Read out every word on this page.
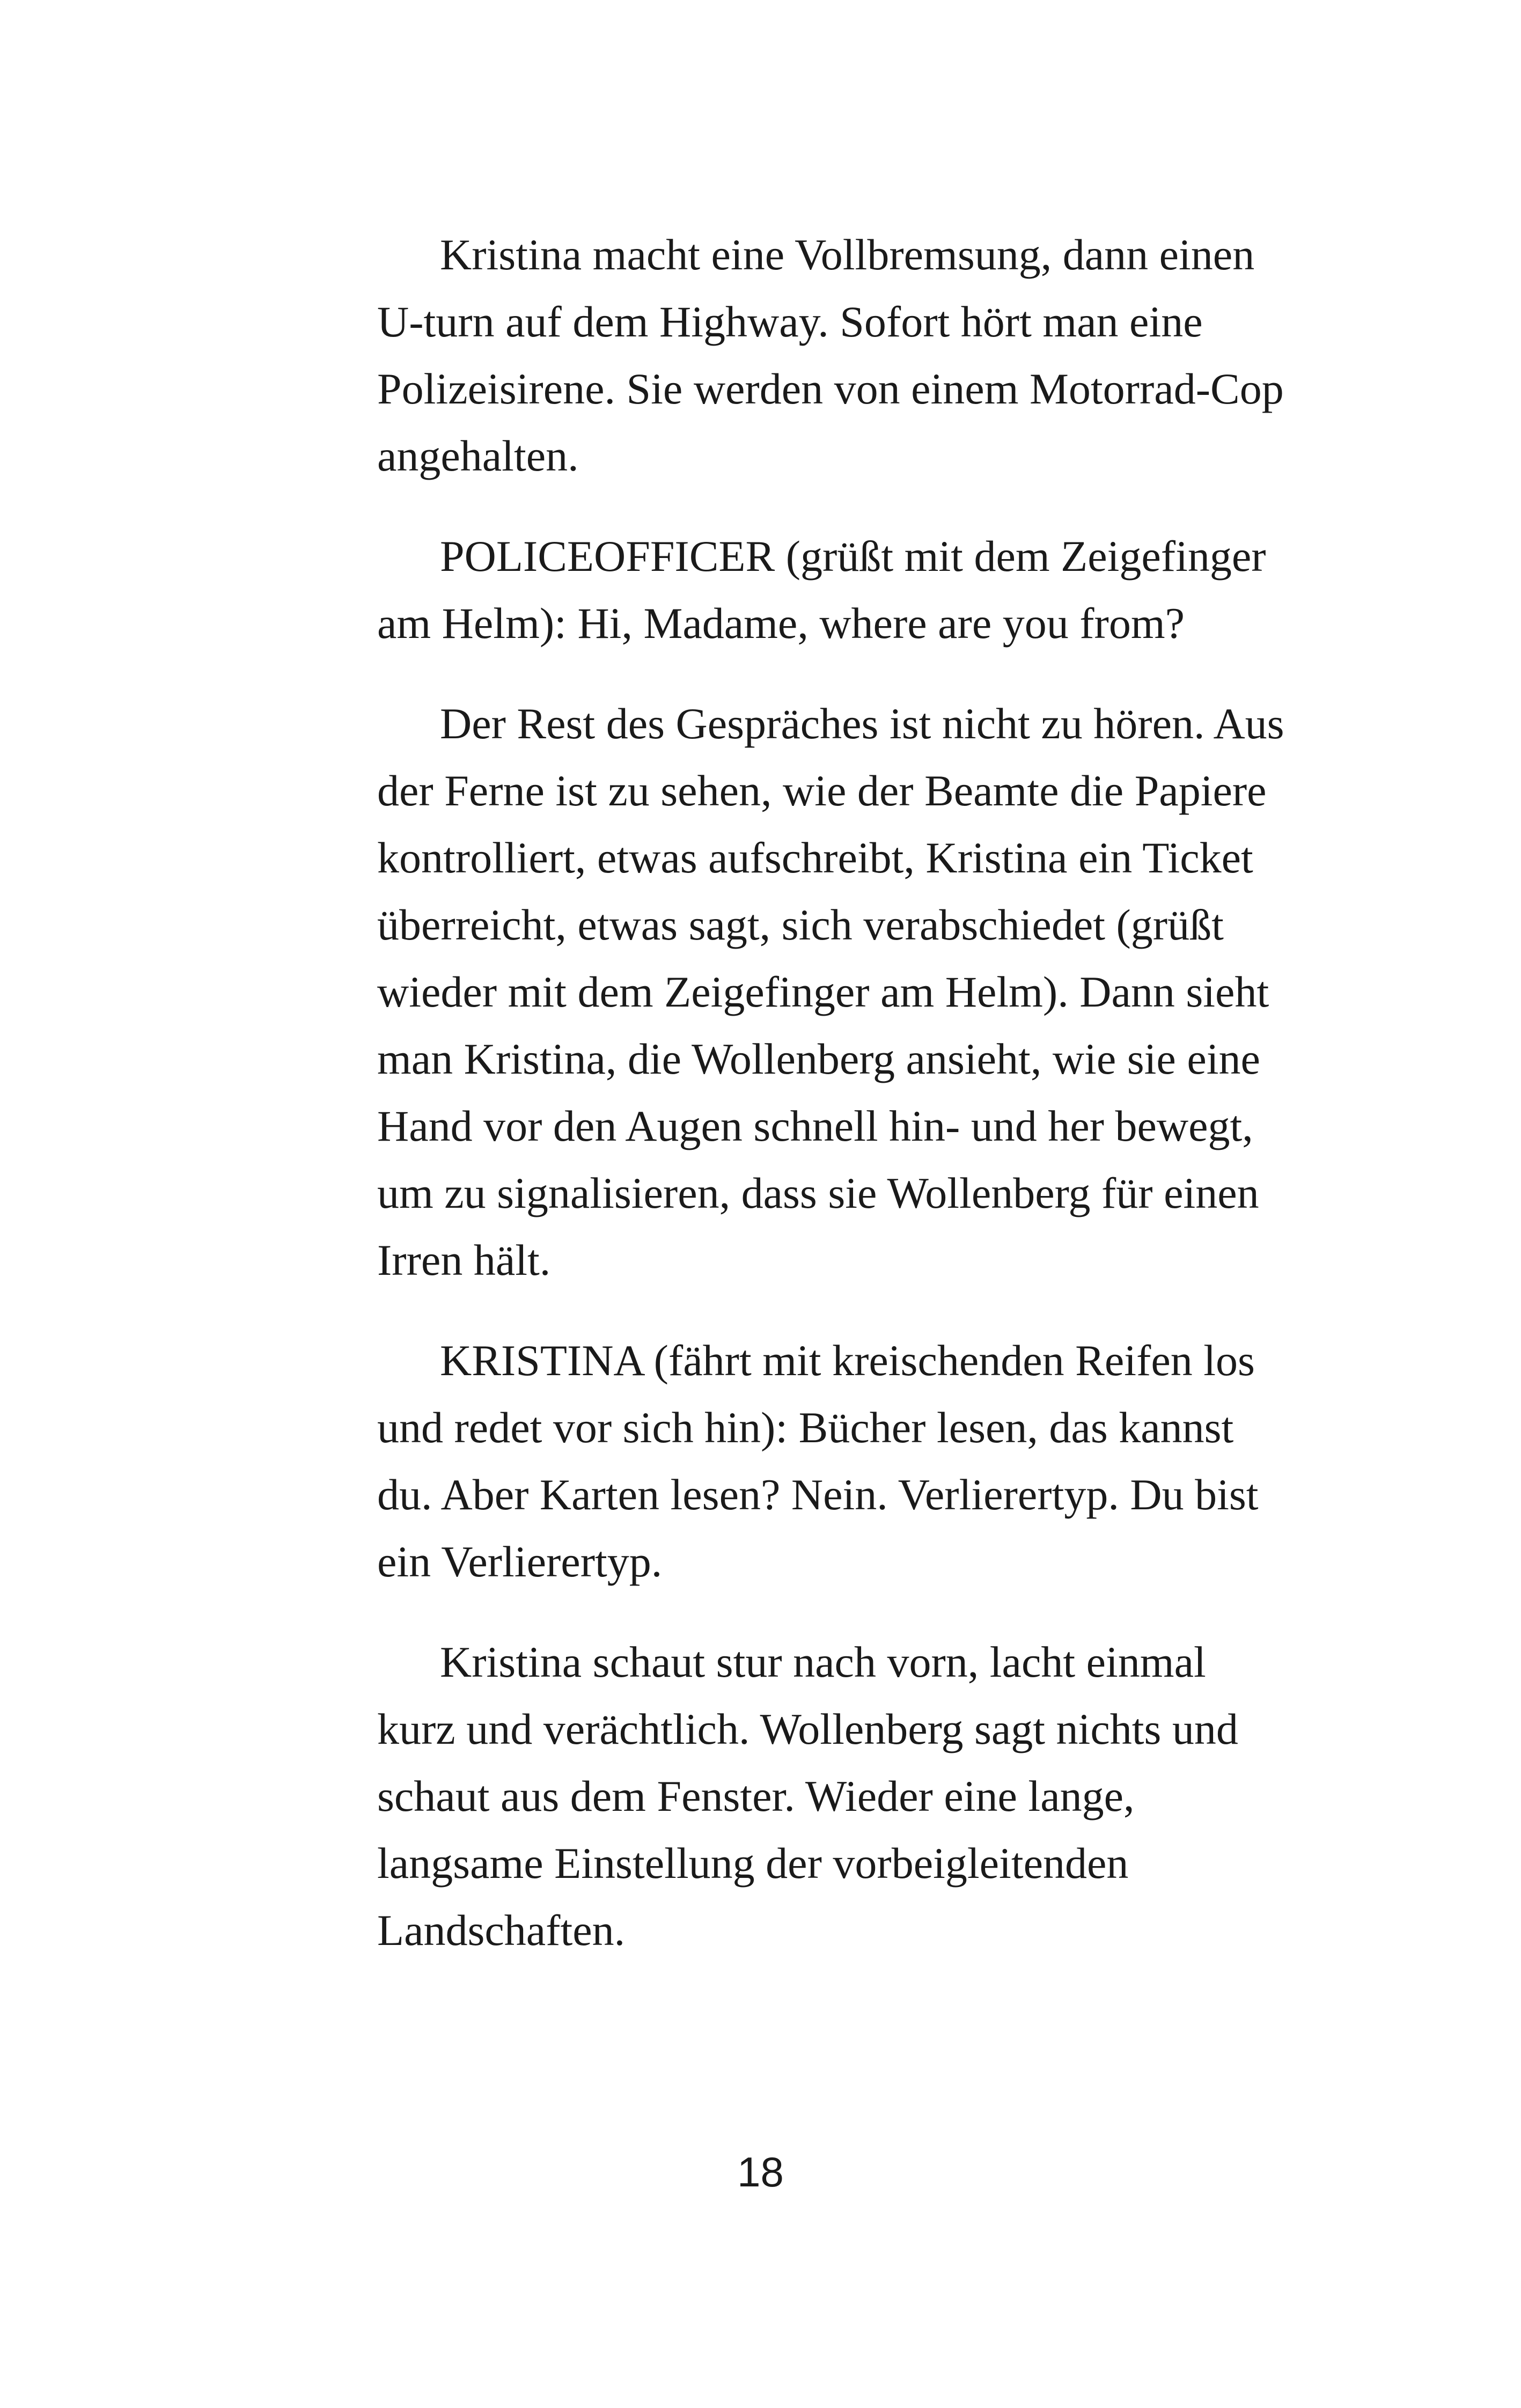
Kristina macht eine Vollbremsung, dann einen
U-turn auf dem Highway. Sofort hört man eine
Polizeisirene. Sie werden von einem Motorrad-Cop
angehalten.
POLICEOFFICER (grüßt mit dem Zeigefinger
am Helm): Hi, Madame, where are you from?
Der Rest des Gespräches ist nicht zu hören. Aus
der Ferne ist zu sehen, wie der Beamte die Papiere
kontrolliert, etwas aufschreibt, Kristina ein Ticket
überreicht, etwas sagt, sich verabschiedet (grüßt
wieder mit dem Zeigefinger am Helm). Dann sieht
man Kristina, die Wollenberg ansieht, wie sie eine
Hand vor den Augen schnell hin- und her bewegt,
um zu signalisieren, dass sie Wollenberg für einen
Irren hält.
KRISTINA (fährt mit kreischenden Reifen los
und redet vor sich hin): Bücher lesen, das kannst
du. Aber Karten lesen? Nein. Verlierertyp. Du bist
ein Verlierertyp.
Kristina schaut stur nach vorn, lacht einmal
kurz und verächtlich. Wollenberg sagt nichts und
schaut aus dem Fenster. Wieder eine lange,
langsame Einstellung der vorbeigleitenden
Landschaften.
18
